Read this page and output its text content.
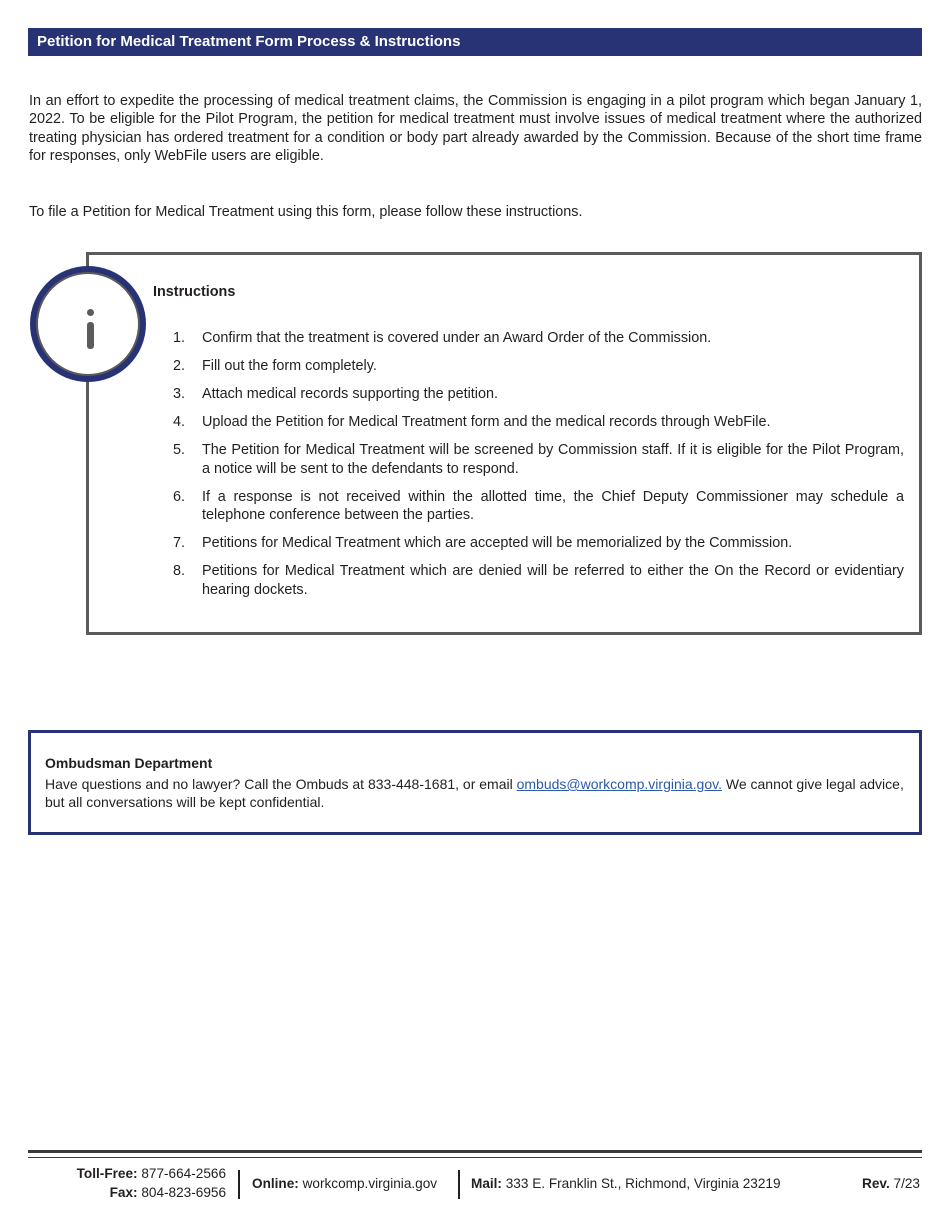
Petition for Medical Treatment Form Process & Instructions

In an effort to expedite the processing of medical treatment claims, the Commission is engaging in a pilot program which began January 1, 2022. To be eligible for the Pilot Program, the petition for medical treatment must involve issues of medical treatment where the authorized treating physician has ordered treatment for a condition or body part already awarded by the Commission. Because of the short time frame for responses, only WebFile users are eligible.

To file a Petition for Medical Treatment using this form, please follow these instructions.

Instructions
1.	Confirm that the treatment is covered under an Award Order of the Commission.
2.	Fill out the form completely.
3.	Attach medical records supporting the petition.
4.	Upload the Petition for Medical Treatment form and the medical records through WebFile.
5.	The Petition for Medical Treatment will be screened by Commission staff. If it is eligible for the Pilot Program, a notice will be sent to the defendants to respond.
6.	If a response is not received within the allotted time, the Chief Deputy Commissioner may schedule a telephone conference between the parties.
7.	Petitions for Medical Treatment which are accepted will be memorialized by the Commission.
8.	Petitions for Medical Treatment which are denied will be referred to either the On the Record or evidentiary hearing dockets.
Ombudsman Department

Have questions and no lawyer? Call the Ombuds at 833-448-1681, or email ombuds@workcomp.virginia.gov. We cannot give legal advice, but all conversations will be kept confidential.

Toll-Free: 877-664-2566
Fax: 804-823-6956
Online: workcomp.virginia.gov Mail: 333 E. Franklin St., Richmond, Virginia 23219	Rev. 7/23
